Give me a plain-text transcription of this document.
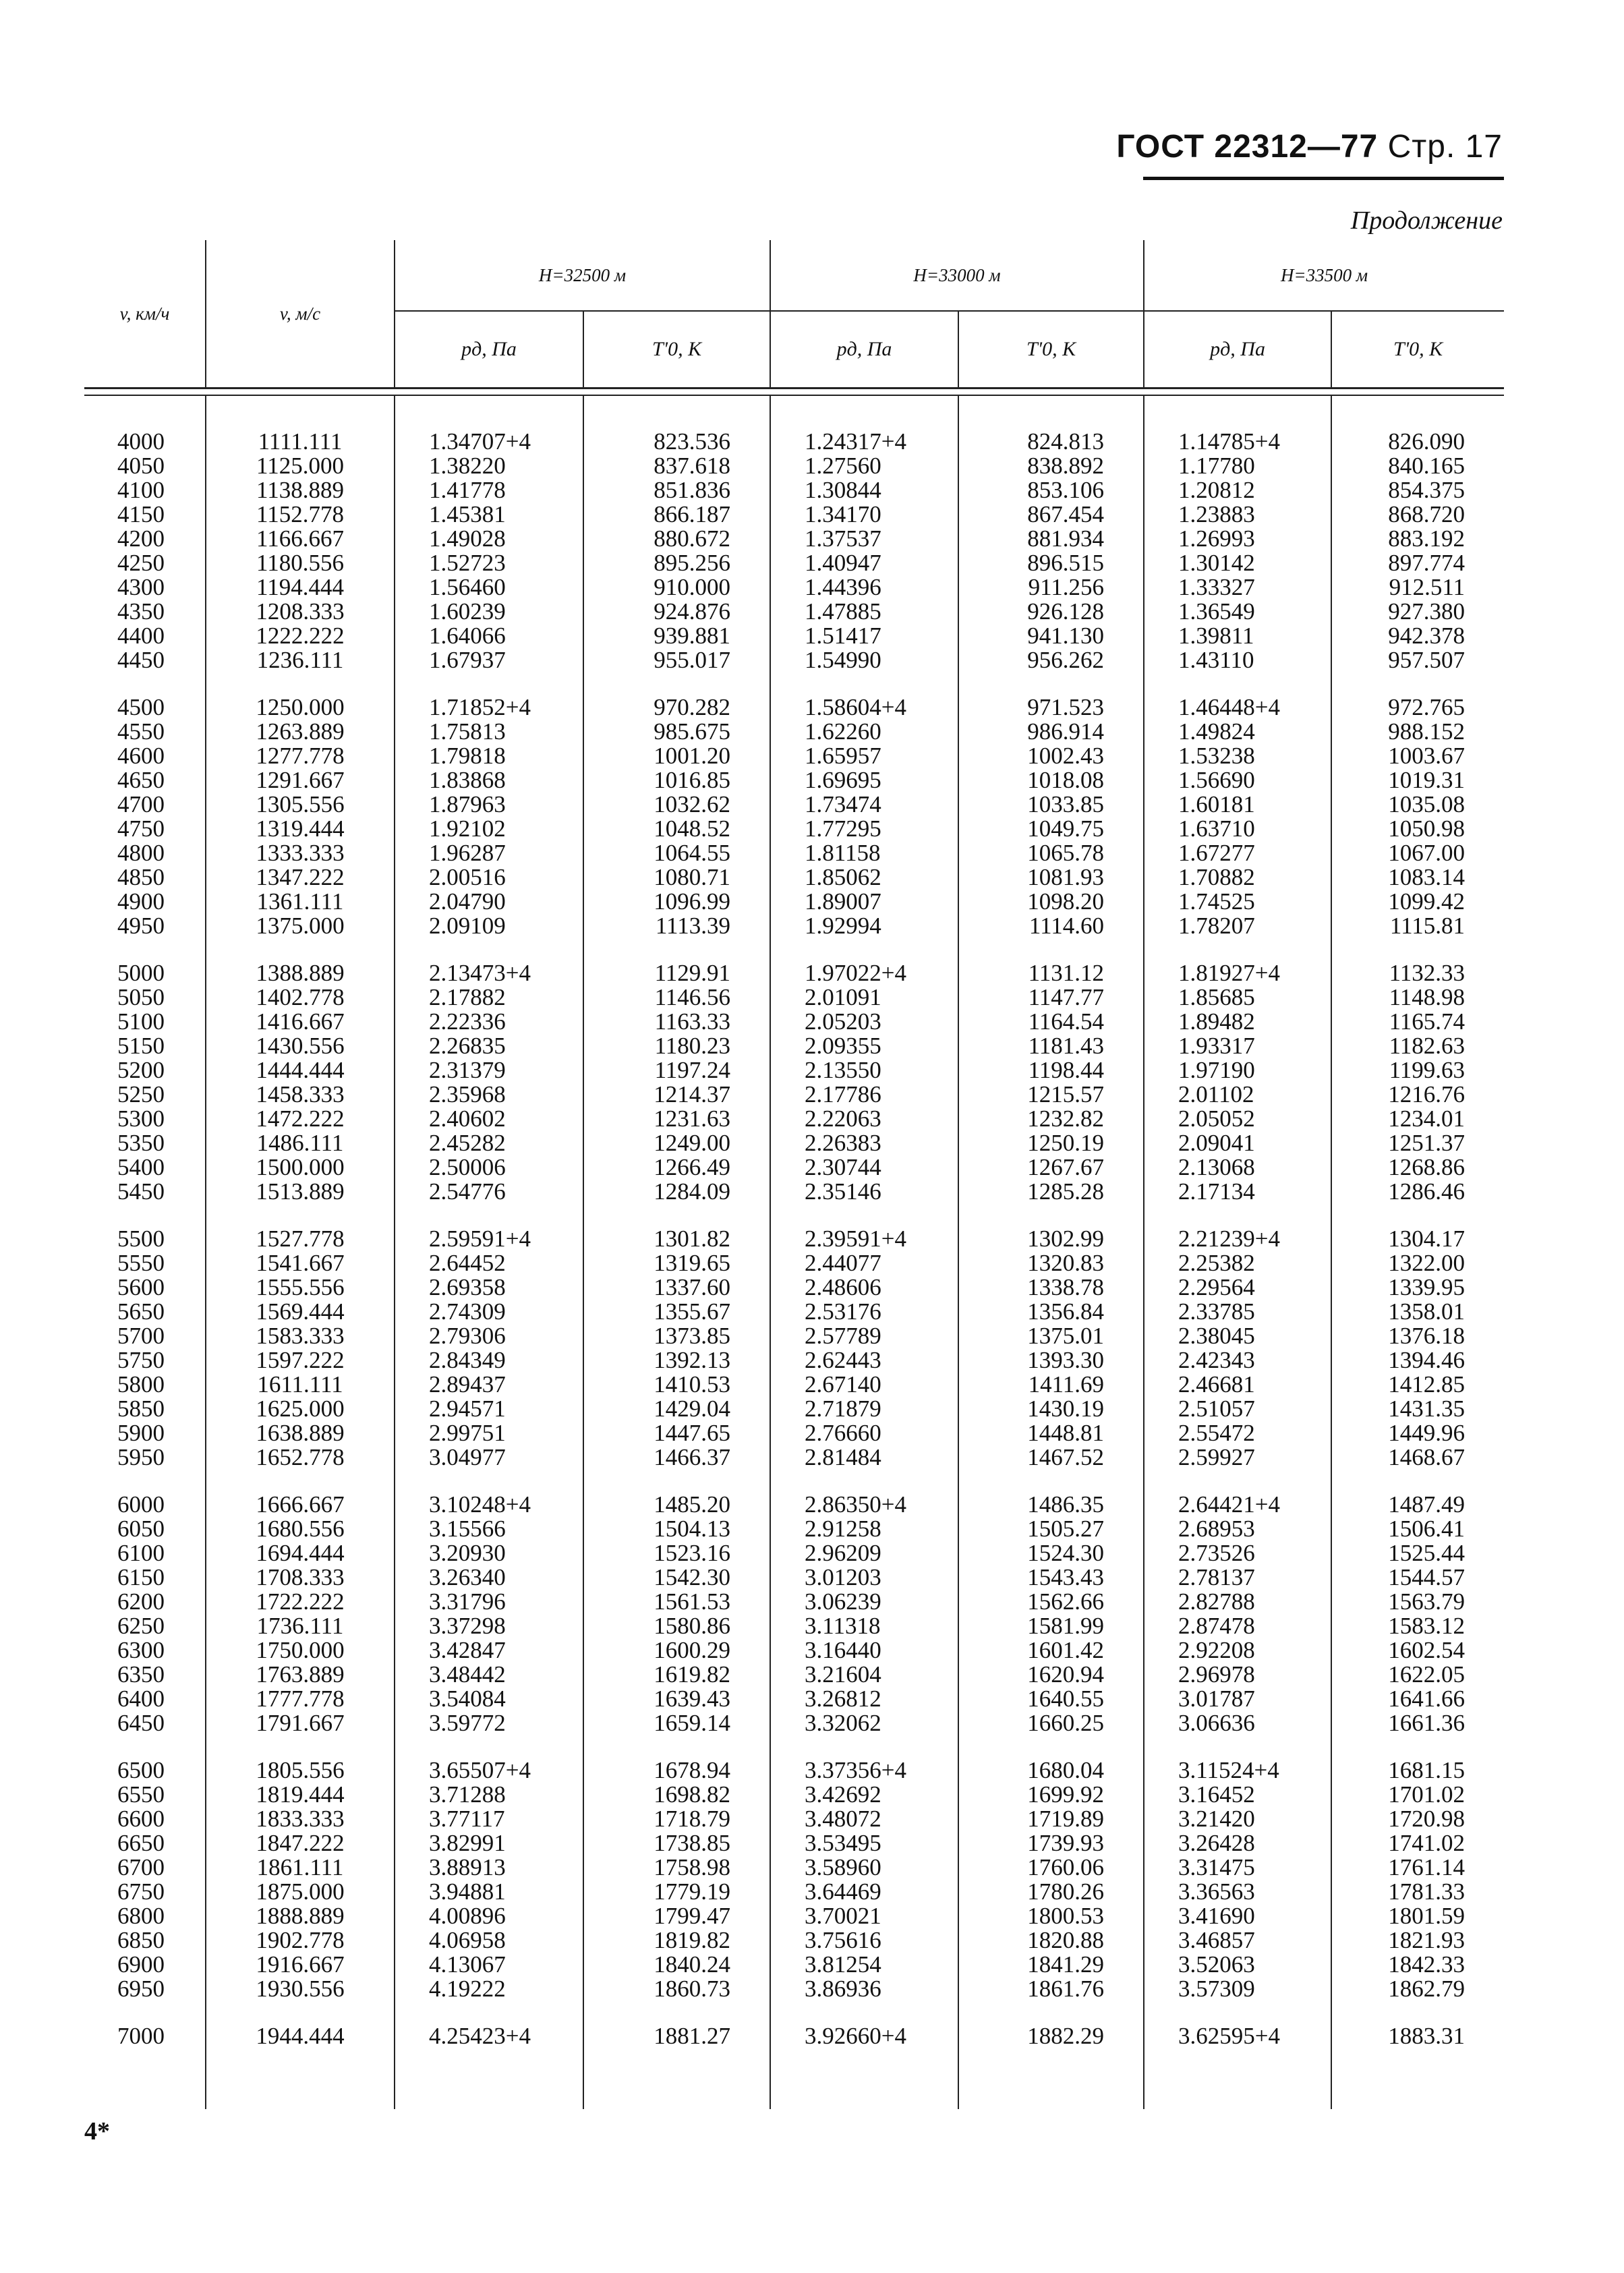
ГОСТ 22312—77 Стр. 17
Продолжение
v, км/ч	v, м/с	H=32500 м		H=33000 м		H=33500 м	
		pд, Па	T'0, К	pд, Па	T'0, К	pд, Па	T'0, К

4000	1111.111	1.34707+4	823.536	1.24317+4	824.813	1.14785+4	826.090
4050	1125.000	1.38220	837.618	1.27560	838.892	1.17780	840.165
4100	1138.889	1.41778	851.836	1.30844	853.106	1.20812	854.375
4150	1152.778	1.45381	866.187	1.34170	867.454	1.23883	868.720
4200	1166.667	1.49028	880.672	1.37537	881.934	1.26993	883.192
4250	1180.556	1.52723	895.256	1.40947	896.515	1.30142	897.774
4300	1194.444	1.56460	910.000	1.44396	911.256	1.33327	912.511
4350	1208.333	1.60239	924.876	1.47885	926.128	1.36549	927.380
4400	1222.222	1.64066	939.881	1.51417	941.130	1.39811	942.378
4450	1236.111	1.67937	955.017	1.54990	956.262	1.43110	957.507

4500	1250.000	1.71852+4	970.282	1.58604+4	971.523	1.46448+4	972.765
4550	1263.889	1.75813	985.675	1.62260	986.914	1.49824	988.152
4600	1277.778	1.79818	1001.20	1.65957	1002.43	1.53238	1003.67
4650	1291.667	1.83868	1016.85	1.69695	1018.08	1.56690	1019.31
4700	1305.556	1.87963	1032.62	1.73474	1033.85	1.60181	1035.08
4750	1319.444	1.92102	1048.52	1.77295	1049.75	1.63710	1050.98
4800	1333.333	1.96287	1064.55	1.81158	1065.78	1.67277	1067.00
4850	1347.222	2.00516	1080.71	1.85062	1081.93	1.70882	1083.14
4900	1361.111	2.04790	1096.99	1.89007	1098.20	1.74525	1099.42
4950	1375.000	2.09109	1113.39	1.92994	1114.60	1.78207	1115.81

5000	1388.889	2.13473+4	1129.91	1.97022+4	1131.12	1.81927+4	1132.33
5050	1402.778	2.17882	1146.56	2.01091	1147.77	1.85685	1148.98
5100	1416.667	2.22336	1163.33	2.05203	1164.54	1.89482	1165.74
5150	1430.556	2.26835	1180.23	2.09355	1181.43	1.93317	1182.63
5200	1444.444	2.31379	1197.24	2.13550	1198.44	1.97190	1199.63
5250	1458.333	2.35968	1214.37	2.17786	1215.57	2.01102	1216.76
5300	1472.222	2.40602	1231.63	2.22063	1232.82	2.05052	1234.01
5350	1486.111	2.45282	1249.00	2.26383	1250.19	2.09041	1251.37
5400	1500.000	2.50006	1266.49	2.30744	1267.67	2.13068	1268.86
5450	1513.889	2.54776	1284.09	2.35146	1285.28	2.17134	1286.46

5500	1527.778	2.59591+4	1301.82	2.39591+4	1302.99	2.21239+4	1304.17
5550	1541.667	2.64452	1319.65	2.44077	1320.83	2.25382	1322.00
5600	1555.556	2.69358	1337.60	2.48606	1338.78	2.29564	1339.95
5650	1569.444	2.74309	1355.67	2.53176	1356.84	2.33785	1358.01
5700	1583.333	2.79306	1373.85	2.57789	1375.01	2.38045	1376.18
5750	1597.222	2.84349	1392.13	2.62443	1393.30	2.42343	1394.46
5800	1611.111	2.89437	1410.53	2.67140	1411.69	2.46681	1412.85
5850	1625.000	2.94571	1429.04	2.71879	1430.19	2.51057	1431.35
5900	1638.889	2.99751	1447.65	2.76660	1448.81	2.55472	1449.96
5950	1652.778	3.04977	1466.37	2.81484	1467.52	2.59927	1468.67

6000	1666.667	3.10248+4	1485.20	2.86350+4	1486.35	2.64421+4	1487.49
6050	1680.556	3.15566	1504.13	2.91258	1505.27	2.68953	1506.41
6100	1694.444	3.20930	1523.16	2.96209	1524.30	2.73526	1525.44
6150	1708.333	3.26340	1542.30	3.01203	1543.43	2.78137	1544.57
6200	1722.222	3.31796	1561.53	3.06239	1562.66	2.82788	1563.79
6250	1736.111	3.37298	1580.86	3.11318	1581.99	2.87478	1583.12
6300	1750.000	3.42847	1600.29	3.16440	1601.42	2.92208	1602.54
6350	1763.889	3.48442	1619.82	3.21604	1620.94	2.96978	1622.05
6400	1777.778	3.54084	1639.43	3.26812	1640.55	3.01787	1641.66
6450	1791.667	3.59772	1659.14	3.32062	1660.25	3.06636	1661.36

6500	1805.556	3.65507+4	1678.94	3.37356+4	1680.04	3.11524+4	1681.15
6550	1819.444	3.71288	1698.82	3.42692	1699.92	3.16452	1701.02
6600	1833.333	3.77117	1718.79	3.48072	1719.89	3.21420	1720.98
6650	1847.222	3.82991	1738.85	3.53495	1739.93	3.26428	1741.02
6700	1861.111	3.88913	1758.98	3.58960	1760.06	3.31475	1761.14
6750	1875.000	3.94881	1779.19	3.64469	1780.26	3.36563	1781.33
6800	1888.889	4.00896	1799.47	3.70021	1800.53	3.41690	1801.59
6850	1902.778	4.06958	1819.82	3.75616	1820.88	3.46857	1821.93
6900	1916.667	4.13067	1840.24	3.81254	1841.29	3.52063	1842.33
6950	1930.556	4.19222	1860.73	3.86936	1861.76	3.57309	1862.79

7000	1944.444	4.25423+4	1881.27	3.92660+4	1882.29	3.62595+4	1883.31

4*
